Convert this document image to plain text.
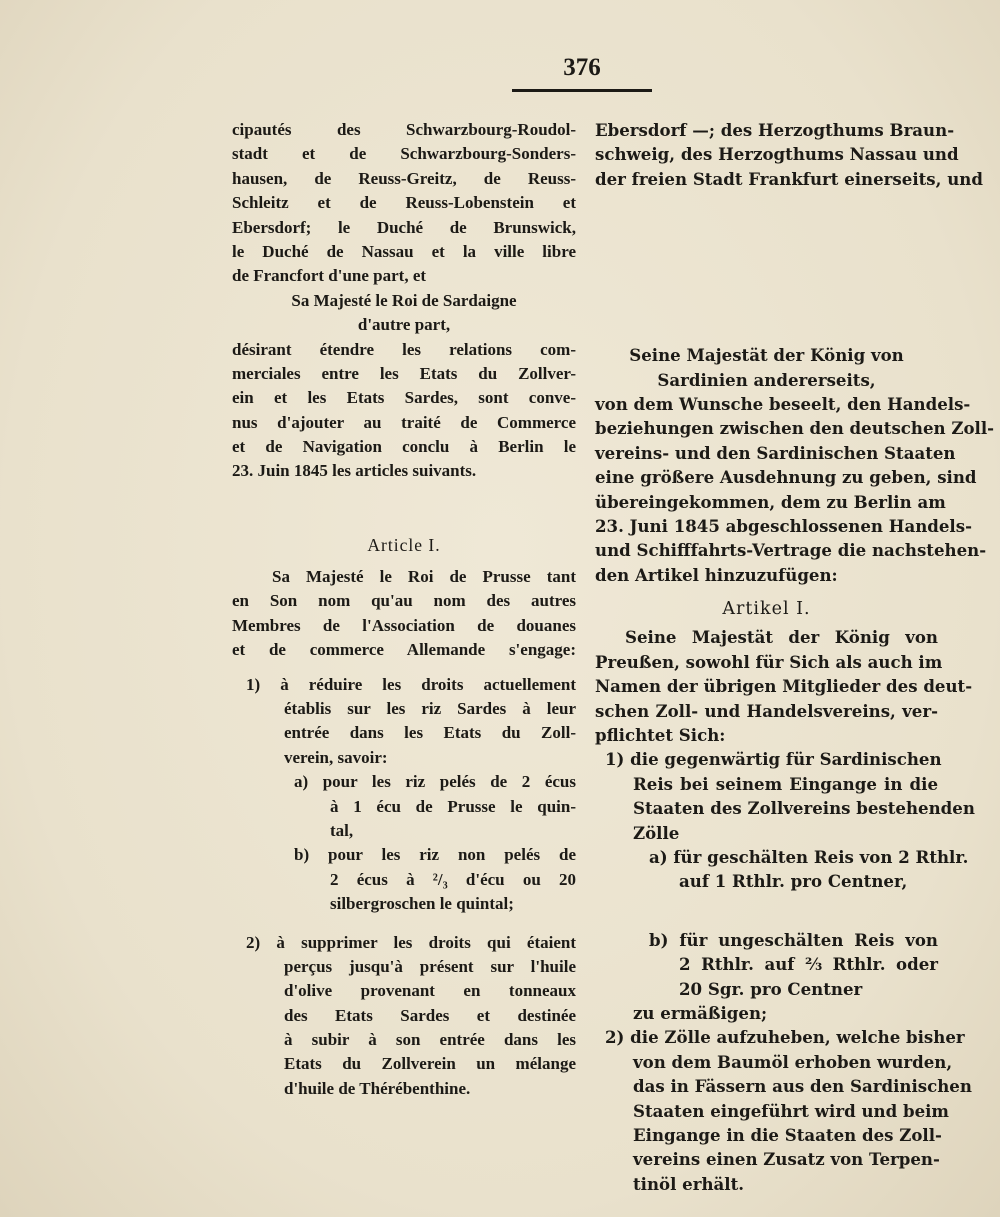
376
cipautés des Schwarzbourg-Roudol-
stadt et de Schwarzbourg-Sonders-
hausen, de Reuss-Greitz, de Reuss-
Schleitz et de Reuss-Lobenstein et
Ebersdorf; le Duché de Brunswick,
le Duché de Nassau et la ville libre
de Francfort d'une part, et
Sa Majesté le Roi de Sardaigne
d'autre part,
désirant étendre les relations com-
merciales entre les Etats du Zollver-
ein et les Etats Sardes, sont conve-
nus d'ajouter au traité de Commerce
et de Navigation conclu à Berlin le
23. Juin 1845 les articles suivants.
Article I.
Sa Majesté le Roi de Prusse tant
en Son nom qu'au nom des autres
Membres de l'Association de douanes
et de commerce Allemande s'engage:
1) à réduire les droits actuellement
établis sur les riz Sardes à leur
entrée dans les Etats du Zoll-
verein, savoir:
a) pour les riz pelés de 2 écus
à 1 écu de Prusse le quin-
tal,
b) pour les riz non pelés de
2 écus à ²/₃ d'écu ou 20
silbergroschen le quintal;
2) à supprimer les droits qui étaient
perçus jusqu'à présent sur l'huile
d'olive provenant en tonneaux
des Etats Sardes et destinée
à subir à son entrée dans les
Etats du Zollverein un mélange
d'huile de Thérébenthine.
Ebersdorf —; des Herzogthums Braun-
schweig, des Herzogthums Nassau und
der freien Stadt Frankfurt einerseits, und
Seine Majestät der König von
Sardinien andererseits,
von dem Wunsche beseelt, den Handels-
beziehungen zwischen den deutschen Zoll-
vereins- und den Sardinischen Staaten
eine größere Ausdehnung zu geben, sind
übereingekommen, dem zu Berlin am
23. Juni 1845 abgeschlossenen Handels-
und Schifffahrts-Vertrage die nachstehen-
den Artikel hinzuzufügen:
Artikel I.
Seine Majestät der König von
Preußen, sowohl für Sich als auch im
Namen der übrigen Mitglieder des deut-
schen Zoll- und Handelsvereins, ver-
pflichtet Sich:
1) die gegenwärtig für Sardinischen
Reis bei seinem Eingange in die
Staaten des Zollvereins bestehenden
Zölle
a) für geschälten Reis von 2 Rthlr.
auf 1 Rthlr. pro Centner,
b) für ungeschälten Reis von
2 Rthlr. auf ⅔ Rthlr. oder
20 Sgr. pro Centner
zu ermäßigen;
2) die Zölle aufzuheben, welche bisher
von dem Baumöl erhoben wurden,
das in Fässern aus den Sardinischen
Staaten eingeführt wird und beim
Eingange in die Staaten des Zoll-
vereins einen Zusatz von Terpen-
tinöl erhält.
